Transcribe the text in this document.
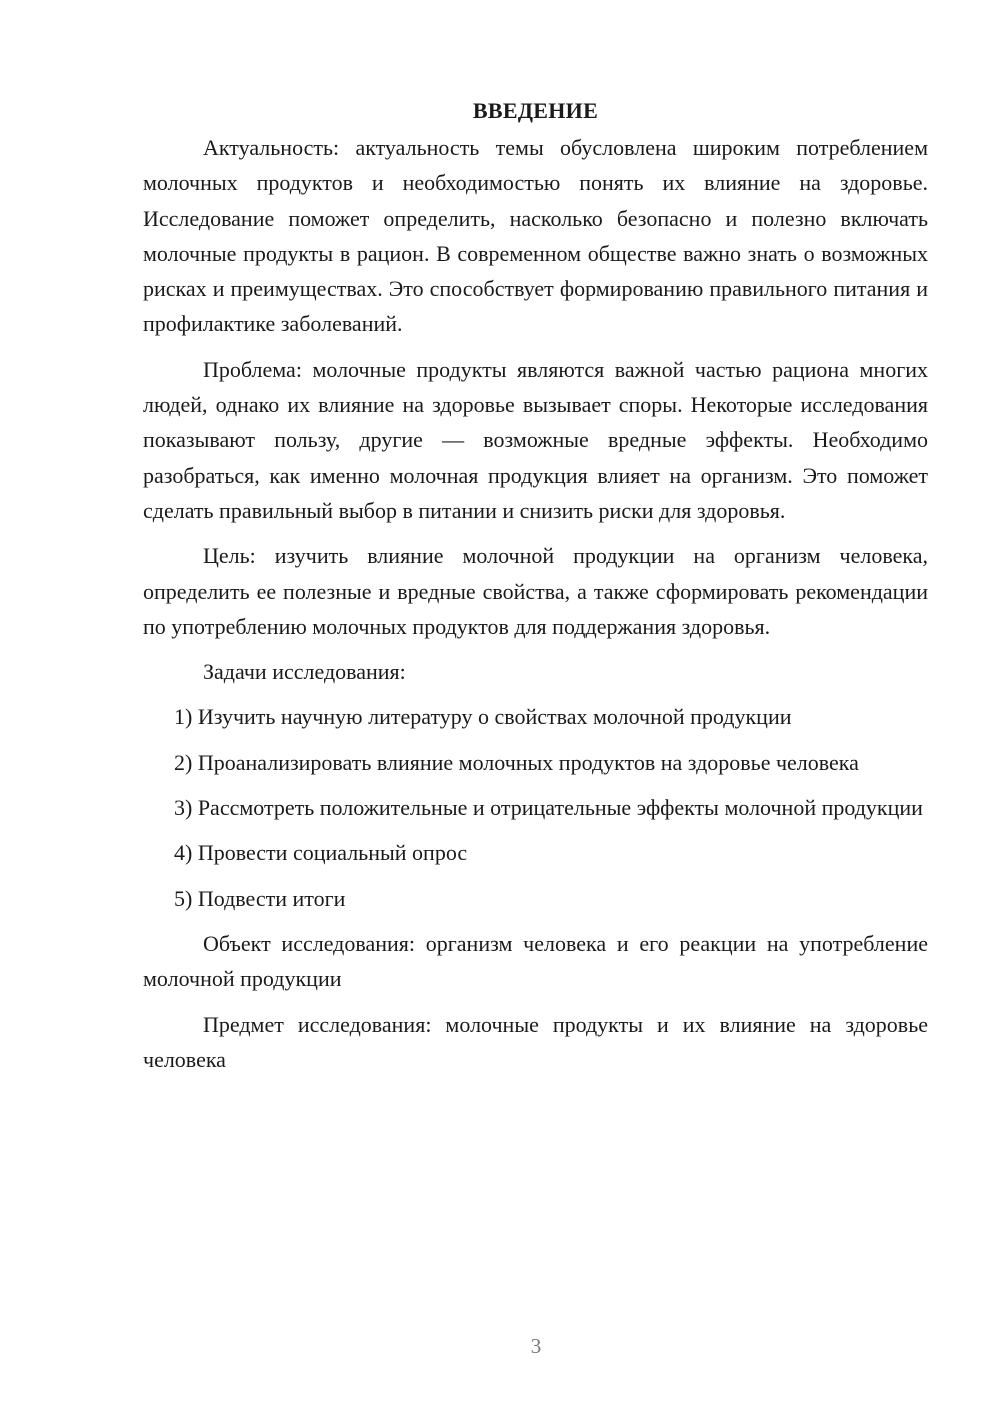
ВВЕДЕНИЕ

Актуальность: актуальность темы обусловлена широким потреблением молочных продуктов и необходимостью понять их влияние на здоровье. Исследование поможет определить, насколько безопасно и полезно включать молочные продукты в рацион. В современном обществе важно знать о возможных рисках и преимуществах. Это способствует формированию правильного питания и профилактике заболеваний.

Проблема: молочные продукты являются важной частью рациона многих людей, однако их влияние на здоровье вызывает споры. Некоторые исследования показывают пользу, другие — возможные вредные эффекты. Необходимо разобраться, как именно молочная продукция влияет на организм. Это поможет сделать правильный выбор в питании и снизить риски для здоровья.

Цель: изучить влияние молочной продукции на организм человека, определить ее полезные и вредные свойства, а также сформировать рекомендации по употреблению молочных продуктов для поддержания здоровья.

Задачи исследования:

1) Изучить научную литературу о свойствах молочной продукции

2) Проанализировать влияние молочных продуктов на здоровье человека

3) Рассмотреть положительные и отрицательные эффекты молочной продукции

4) Провести социальный опрос

5) Подвести итоги

Объект исследования: организм человека и его реакции на употребление молочной продукции

Предмет исследования: молочные продукты и их влияние на здоровье человека

3
